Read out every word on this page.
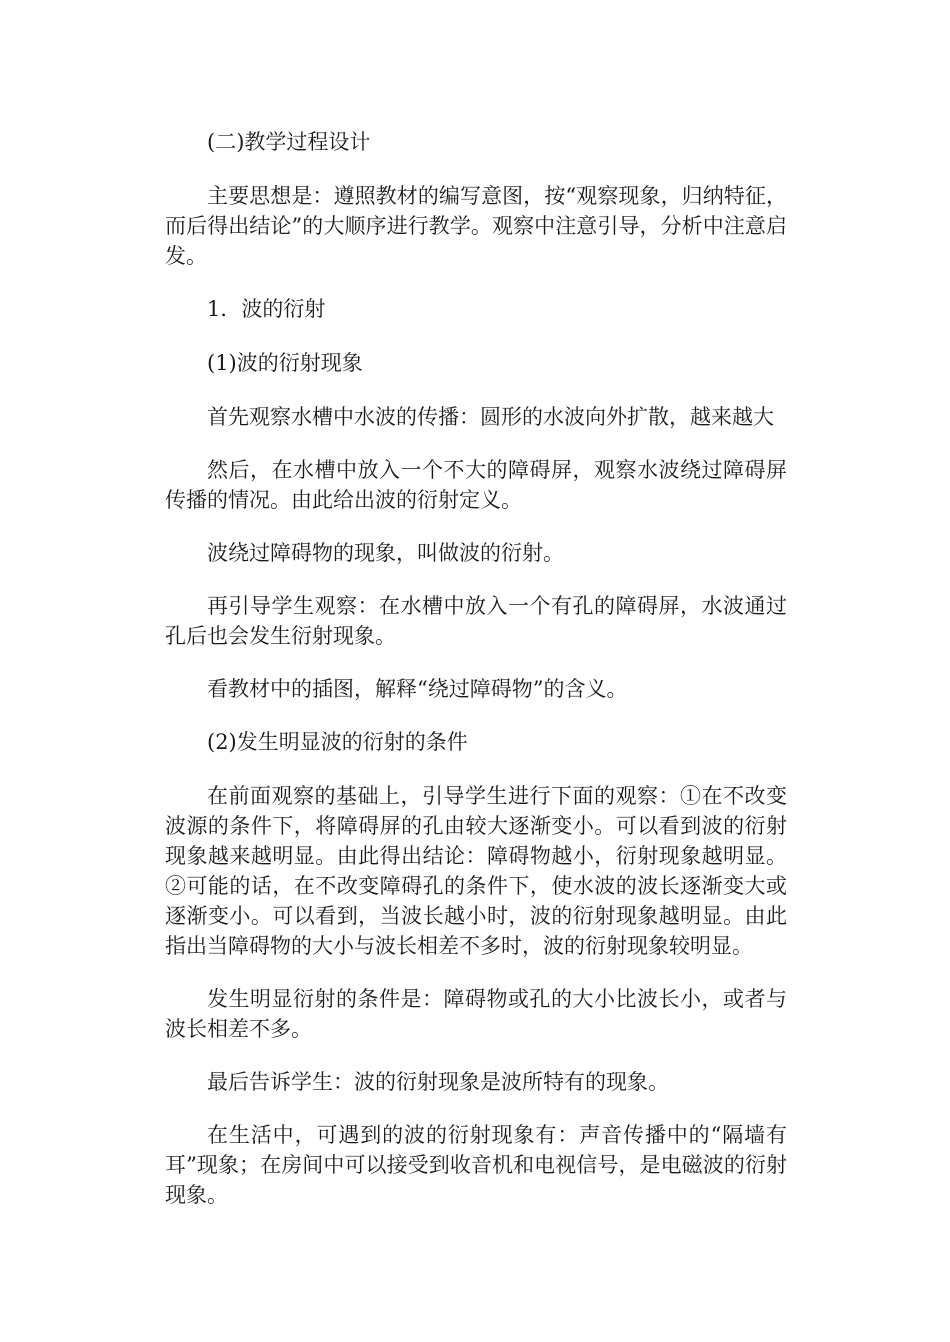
(二)教学过程设计

主要思想是：遵照教材的编写意图，按“观察现象，归纳特征，而后得出结论”的大顺序进行教学。观察中注意引导，分析中注意启发。

1．波的衍射

(1)波的衍射现象

首先观察水槽中水波的传播：圆形的水波向外扩散，越来越大

然后，在水槽中放入一个不大的障碍屏，观察水波绕过障碍屏传播的情况。由此给出波的衍射定义。

波绕过障碍物的现象，叫做波的衍射。

再引导学生观察：在水槽中放入一个有孔的障碍屏，水波通过孔后也会发生衍射现象。

看教材中的插图，解释“绕过障碍物”的含义。

(2)发生明显波的衍射的条件

在前面观察的基础上，引导学生进行下面的观察：①在不改变波源的条件下，将障碍屏的孔由较大逐渐变小。可以看到波的衍射现象越来越明显。由此得出结论：障碍物越小，衍射现象越明显。②可能的话，在不改变障碍孔的条件下，使水波的波长逐渐变大或逐渐变小。可以看到，当波长越小时，波的衍射现象越明显。由此指出当障碍物的大小与波长相差不多时，波的衍射现象较明显。

发生明显衍射的条件是：障碍物或孔的大小比波长小，或者与波长相差不多。

最后告诉学生：波的衍射现象是波所特有的现象。

在生活中，可遇到的波的衍射现象有：声音传播中的“隔墙有耳”现象；在房间中可以接受到收音机和电视信号，是电磁波的衍射现象。
